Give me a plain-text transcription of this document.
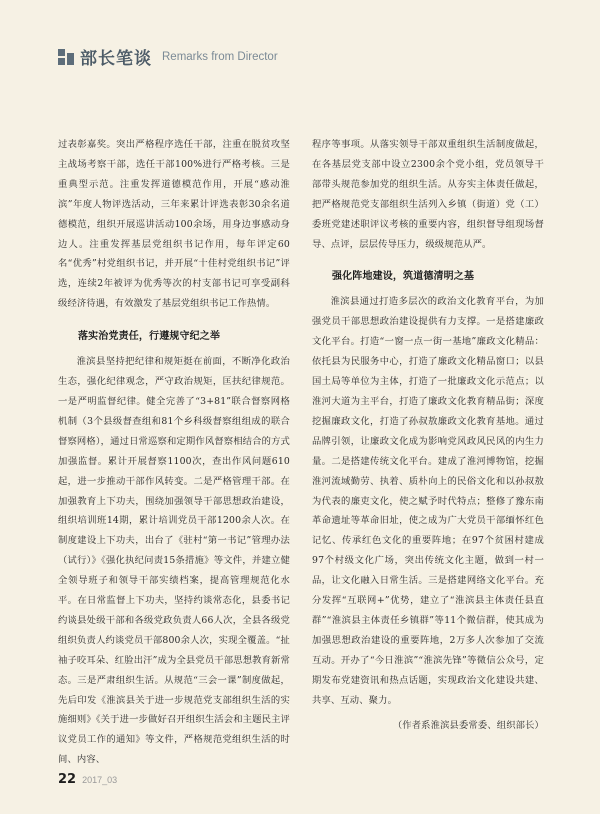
部长笔谈 Remarks from Director

过表彰嘉奖。突出严格程序选任干部，注重在脱贫攻坚主战场考察干部，选任干部100%进行严格考核。三是重典型示范。注重发挥道德模范作用，开展“感动淮滨”年度人物评选活动，三年来累计评选表彰30余名道德模范，组织开展巡讲活动100余场，用身边事感动身边人。注重发挥基层党组织书记作用，每年评定60名“优秀”村党组织书记，并开展“十佳村党组织书记”评选，连续2年被评为优秀等次的村支部书记可享受副科级经济待遇，有效激发了基层党组织书记工作热情。

落实治党责任，行遵规守纪之举

淮滨县坚持把纪律和规矩挺在前面，不断净化政治生态，强化纪律观念，严守政治规矩，匡扶纪律规范。一是严明监督纪律。健全完善了“3+81”联合督察网格机制（3个县级督查组和81个乡科级督察组组成的联合督察网格），通过日常巡察和定期作风督察相结合的方式加强监督。累计开展督察1100次，查出作风问题610起，进一步推动干部作风转变。二是严格管理干部。在加强教育上下功夫，围绕加强领导干部思想政治建设，组织培训班14期，累计培训党员干部1200余人次。在制度建设上下功夫，出台了《驻村“第一书记”管理办法（试行）》《强化执纪问责15条措施》等文件，并建立健全领导班子和领导干部实绩档案，提高管理规范化水平。在日常监督上下功夫，坚持约谈常态化，县委书记约谈县处级干部和各级党政负责人66人次，全县各级党组织负责人约谈党员干部800余人次，实现全覆盖。“扯袖子咬耳朵、红脸出汗”成为全县党员干部思想教育新常态。三是严肃组织生活。从规范“三会一课”制度做起，先后印发《淮滨县关于进一步规范党支部组织生活的实施细则》《关于进一步做好召开组织生活会和主题民主评议党员工作的通知》等文件，严格规范党组织生活的时间、内容、

程序等事项。从落实领导干部双重组织生活制度做起，在各基层党支部中设立2300余个党小组，党员领导干部带头规范参加党的组织生活。从夯实主体责任做起，把严格规范党支部组织生活列入乡镇（街道）党（工）委班党建述职评议考核的重要内容，组织督导组现场督导、点评，层层传导压力，级级规范从严。

强化阵地建设，筑道德清明之基

淮滨县通过打造多层次的政治文化教育平台，为加强党员干部思想政治建设提供有力支撑。一是搭建廉政文化平台。打造“一窗一点一街一基地”廉政文化精品：依托县为民服务中心，打造了廉政文化精品窗口；以县国土局等单位为主体，打造了一批廉政文化示范点；以淮河大道为主平台，打造了廉政文化教育精品街；深度挖掘廉政文化，打造了孙叔敖廉政文化教育基地。通过品牌引领，让廉政文化成为影响党风政风民风的内生力量。二是搭建传统文化平台。建成了淮河博物馆，挖掘淮河流域勤劳、执着、质朴向上的民俗文化和以孙叔敖为代表的廉吏文化，使之赋予时代特点；整修了豫东南革命遗址等革命旧址，使之成为广大党员干部缅怀红色记忆、传承红色文化的重要阵地；在97个贫困村建成97个村级文化广场，突出传统文化主题，做到一村一品，让文化融入日常生活。三是搭建网络文化平台。充分发挥“互联网+”优势，建立了“淮滨县主体责任县直群”“淮滨县主体责任乡镇群”等11个微信群，使其成为加强思想政治建设的重要阵地，2万多人次参加了交流互动。开办了“今日淮滨”“淮滨先锋”等微信公众号，定期发布党建资讯和热点话题，实现政治文化建设共建、共享、互动、聚力。

（作者系淮滨县委常委、组织部长）

22 2017_03
